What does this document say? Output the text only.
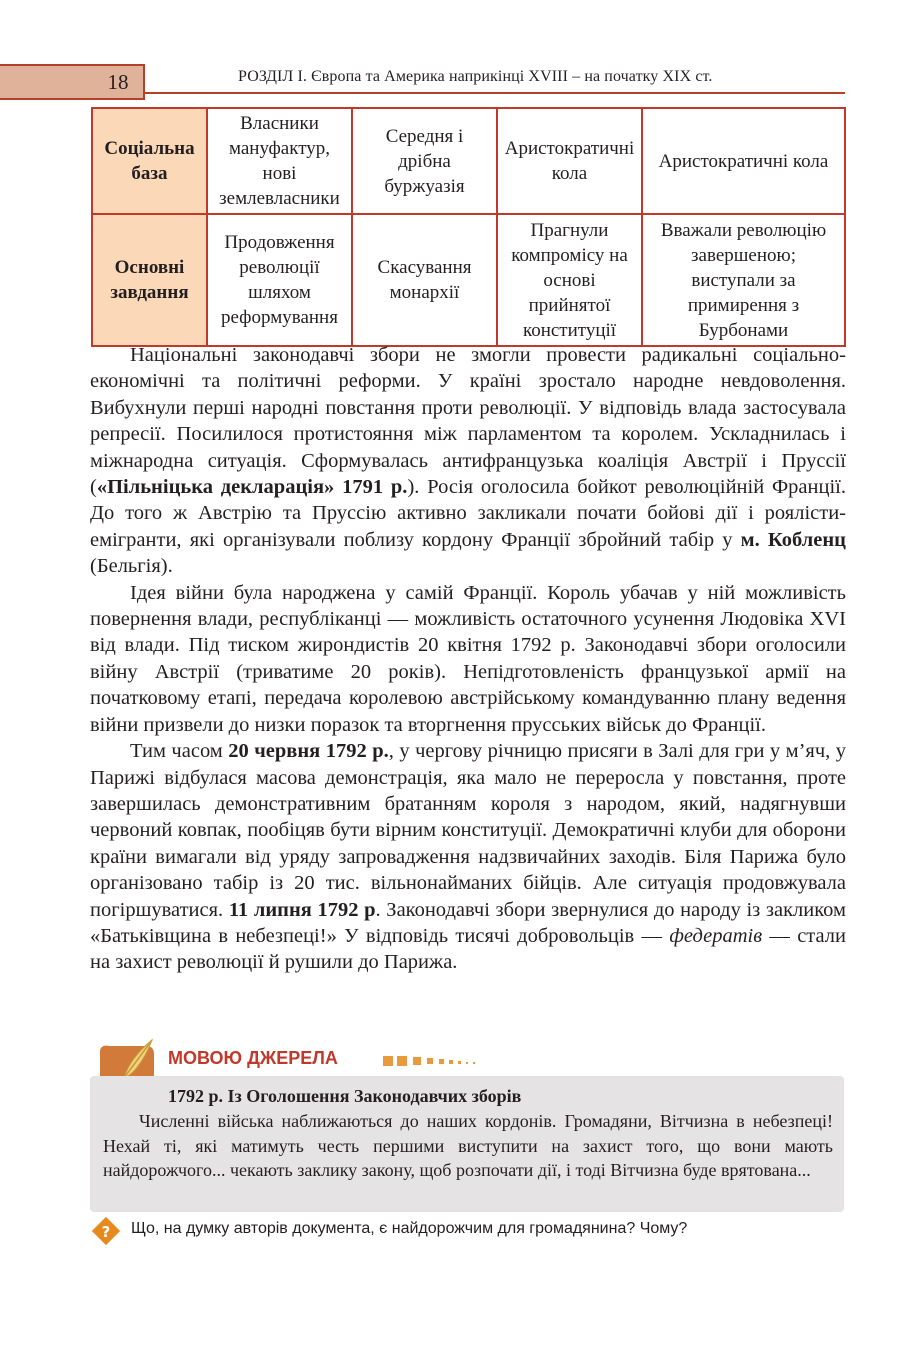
18	РОЗДІЛ І. Європа та Америка наприкінці XVIII – на початку XIX ст.
Соціальна база	Власники мануфактур, нові землевласники	Середня і дрібна буржуазія	Аристократичні кола	Аристократичні кола
Основні завдання	Продовження революції шляхом реформування	Скасування монархії	Прагнули компромісу на основі прийнятої конституції	Вважали революцію завершеною; виступали за примирення з Бурбонами

Національні законодавчі збори не змогли провести радикальні соціально-економічні та політичні реформи. У країні зростало народне невдоволення. Вибухнули перші народні повстання проти революції. У відповідь влада застосувала репресії. Посилилося протистояння між парламентом та королем. Ускладнилась і міжнародна ситуація. Сформувалась антифранцузька коаліція Австрії і Пруссії («Пільніцька декларація» 1791 р.). Росія оголосила бойкот революційній Франції. До того ж Австрію та Пруссію активно закликали почати бойові дії і роялісти-емігранти, які організували поблизу кордону Франції збройний табір у м. Кобленц (Бельгія).

Ідея війни була народжена у самій Франції. Король убачав у ній можливість повернення влади, республіканці — можливість остаточного усунення Людовіка XVI від влади. Під тиском жирондистів 20 квітня 1792 р. Законодавчі збори оголосили війну Австрії (триватиме 20 років). Непідготовленість французької армії на початковому етапі, передача королевою австрійському командуванню плану ведення війни призвели до низки поразок та вторгнення прусських військ до Франції.

Тим часом 20 червня 1792 р., у чергову річницю присяги в Залі для гри у м’яч, у Парижі відбулася масова демонстрація, яка мало не переросла у повстання, проте завершилась демонстративним братанням короля з народом, який, надягнувши червоний ковпак, пообіцяв бути вірним конституції. Демократичні клуби для оборони країни вимагали від уряду запровадження надзвичайних заходів. Біля Парижа було організовано табір із 20 тис. вільнонайманих бійців. Але ситуація продовжувала погіршуватися. 11 липня 1792 р. Законодавчі збори звернулися до народу із закликом «Батьківщина в небезпеці!» У відповідь тисячі добровольців — федератів — стали на захист революції й рушили до Парижа.

МОВОЮ ДЖЕРЕЛА
1792 р. Із Оголошення Законодавчих зборів

Численні війська наближаються до наших кордонів. Громадяни, Вітчизна в небезпеці! Нехай ті, які матимуть честь першими виступити на захист того, що вони мають найдорожчого... чекають заклику закону, щоб розпочати дії, і тоді Вітчизна буде врятована...

? Що, на думку авторів документа, є найдорожчим для громадянина? Чому?
